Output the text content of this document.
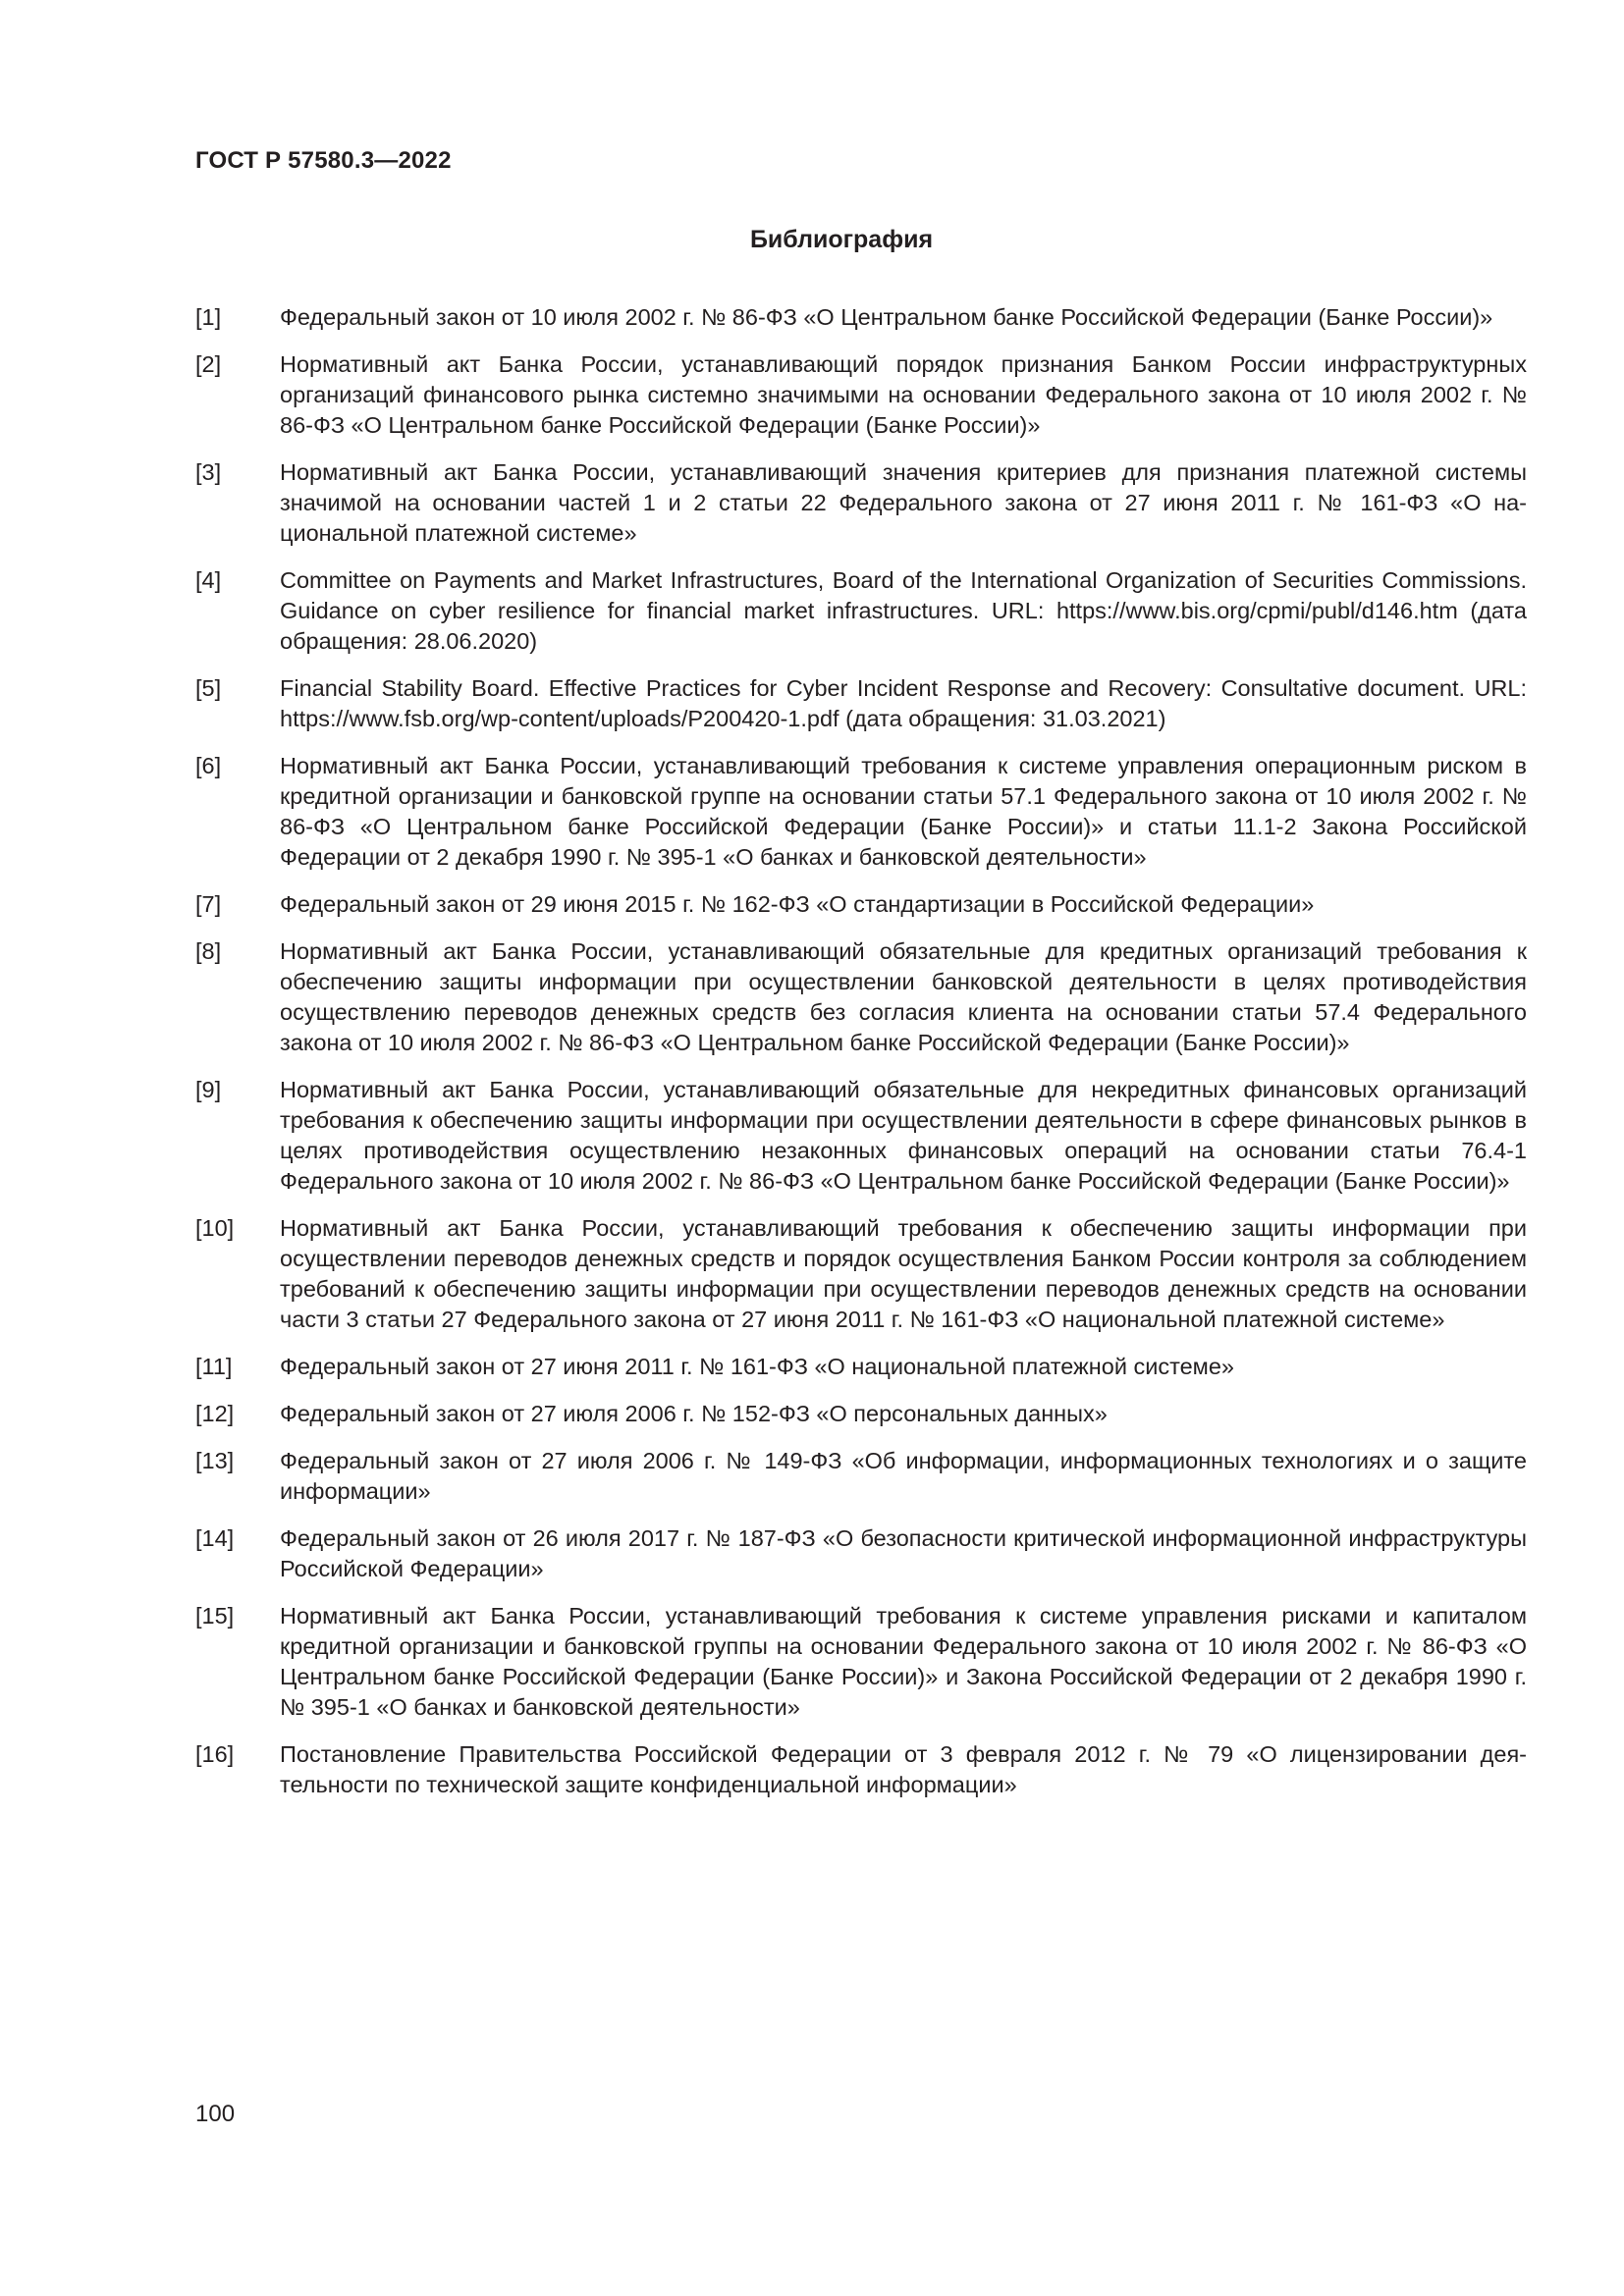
ГОСТ Р 57580.3—2022
Библиография
[1]	Федеральный закон от 10 июля 2002 г. № 86-ФЗ «О Центральном банке Российской Федерации (Банке России)»
[2]	Нормативный акт Банка России, устанавливающий порядок признания Банком России инфраструктурных организаций финансового рынка системно значимыми на основании Федерального закона от 10 июля 2002 г. № 86-ФЗ «О Центральном банке Российской Федерации (Банке России)»
[3]	Нормативный акт Банка России, устанавливающий значения критериев для признания платежной системы значимой на основании частей 1 и 2 статьи 22 Федерального закона от 27 июня 2011 г. № 161-ФЗ «О национальной платежной системе»
[4]	Committee on Payments and Market Infrastructures, Board of the International Organization of Securities Commissions. Guidance on cyber resilience for financial market infrastructures. URL: https://www.bis.org/cpmi/publ/d146.​htm (дата обращения: 28.06.2020)
[5]	Financial Stability Board. Effective Practices for Cyber Incident Response and Recovery: Consultative document. URL: https://www.fsb.org/wp-content/uploads/P200420-1.pdf (дата обращения: 31.03.2021)
[6]	Нормативный акт Банка России, устанавливающий требования к системе управления операционным риском в кредитной организации и банковской группе на основании статьи 57.1 Федерального закона от 10 июля 2002 г. № 86-ФЗ «О Центральном банке Российской Федерации (Банке России)» и статьи 11.1-2 Закона Российской Федерации от 2 декабря 1990 г. № 395-1 «О банках и банковской деятельности»
[7]	Федеральный закон от 29 июня 2015 г. № 162-ФЗ «О стандартизации в Российской Федерации»
[8]	Нормативный акт Банка России, устанавливающий обязательные для кредитных организаций требования к обеспечению защиты информации при осуществлении банковской деятельности в целях противодействия осуществлению переводов денежных средств без согласия клиента на основании статьи 57.4 Федерального закона от 10 июля 2002 г. № 86-ФЗ «О Центральном банке Российской Федерации (Банке России)»
[9]	Нормативный акт Банка России, устанавливающий обязательные для некредитных финансовых организаций требования к обеспечению защиты информации при осуществлении деятельности в сфере финансовых рынков в целях противодействия осуществлению незаконных финансовых операций на основании статьи 76.4-1 Федерального закона от 10 июля 2002 г. № 86-ФЗ «О Центральном банке Российской Федерации (Банке России)»
[10]	Нормативный акт Банка России, устанавливающий требования к обеспечению защиты информации при осуществлении переводов денежных средств и порядок осуществления Банком России контроля за соблюдением требований к обеспечению защиты информации при осуществлении переводов денежных средств на основании части 3 статьи 27 Федерального закона от 27 июня 2011 г. № 161-ФЗ «О национальной платежной системе»
[11]	Федеральный закон от 27 июня 2011 г. № 161-ФЗ «О национальной платежной системе»
[12]	Федеральный закон от 27 июля 2006 г. № 152-ФЗ «О персональных данных»
[13]	Федеральный закон от 27 июля 2006 г. № 149-ФЗ «Об информации, информационных технологиях и о защите информации»
[14]	Федеральный закон от 26 июля 2017 г. № 187-ФЗ «О безопасности критической информационной инфраструктуры Российской Федерации»
[15]	Нормативный акт Банка России, устанавливающий требования к системе управления рисками и капиталом кредитной организации и банковской группы на основании Федерального закона от 10 июля 2002 г. № 86-ФЗ «О Центральном банке Российской Федерации (Банке России)» и Закона Российской Федерации от 2 декабря 1990 г. № 395-1 «О банках и банковской деятельности»
[16]	Постановление Правительства Российской Федерации от 3 февраля 2012 г. № 79 «О лицензировании деятельности по технической защите конфиденциальной информации»
100
